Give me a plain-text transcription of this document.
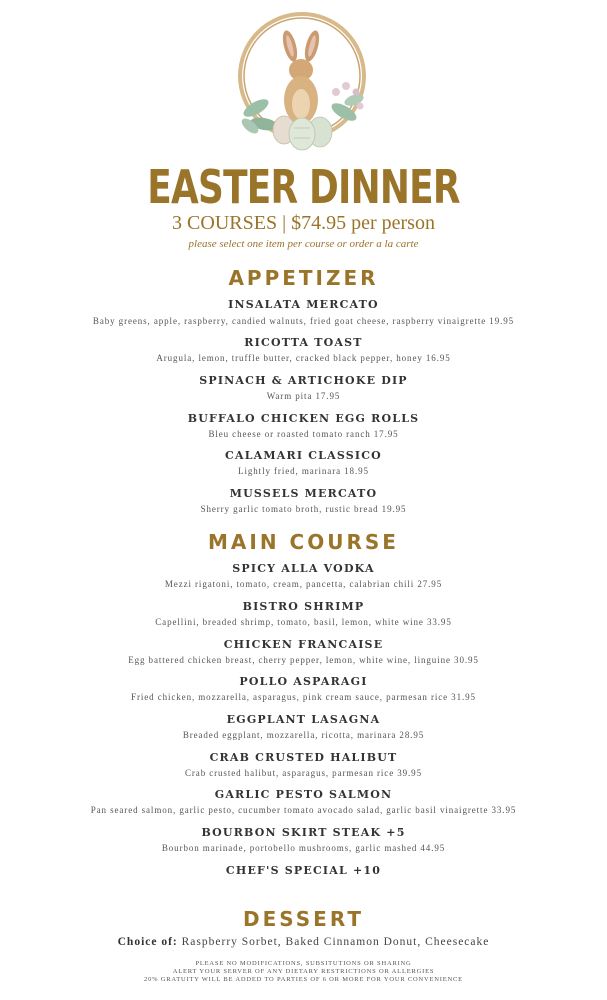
EASTER DINNER
3 COURSES | $74.95 per person
please select one item per course or order a la carte
APPETIZER
INSALATA MERCATO
Baby greens, apple, raspberry, candied walnuts, fried goat cheese, raspberry vinaigrette 19.95
RICOTTA TOAST
Arugula, lemon, truffle butter, cracked black pepper, honey 16.95
SPINACH & ARTICHOKE DIP
Warm pita 17.95
BUFFALO CHICKEN EGG ROLLS
Bleu cheese or roasted tomato ranch 17.95
CALAMARI CLASSICO
Lightly fried, marinara 18.95
MUSSELS MERCATO
Sherry garlic tomato broth, rustic bread 19.95
MAIN COURSE
SPICY ALLA VODKA
Mezzi rigatoni, tomato, cream, pancetta, calabrian chili 27.95
BISTRO SHRIMP
Capellini, breaded shrimp, tomato, basil, lemon, white wine 33.95
CHICKEN FRANCAISE
Egg battered chicken breast, cherry pepper, lemon, white wine, linguine 30.95
POLLO ASPARAGI
Fried chicken, mozzarella, asparagus, pink cream sauce, parmesan rice 31.95
EGGPLANT LASAGNA
Breaded eggplant, mozzarella, ricotta, marinara 28.95
CRAB CRUSTED HALIBUT
Crab crusted halibut, asparagus, parmesan rice 39.95
GARLIC PESTO SALMON
Pan seared salmon, garlic pesto, cucumber tomato avocado salad, garlic basil vinaigrette 33.95
BOURBON SKIRT STEAK +5
Bourbon marinade, portobello mushrooms, garlic mashed 44.95
CHEF'S SPECIAL +10
DESSERT
Choice of: Raspberry Sorbet, Baked Cinnamon Donut, Cheesecake
PLEASE NO MODIFICATIONS, SUBSITUTIONS OR SHARING
ALERT YOUR SERVER OF ANY DIETARY RESTRICTIONS OR ALLERGIES
20% GRATUITY WILL BE ADDED TO PARTIES OF 6 OR MORE FOR YOUR CONVENIENCE
